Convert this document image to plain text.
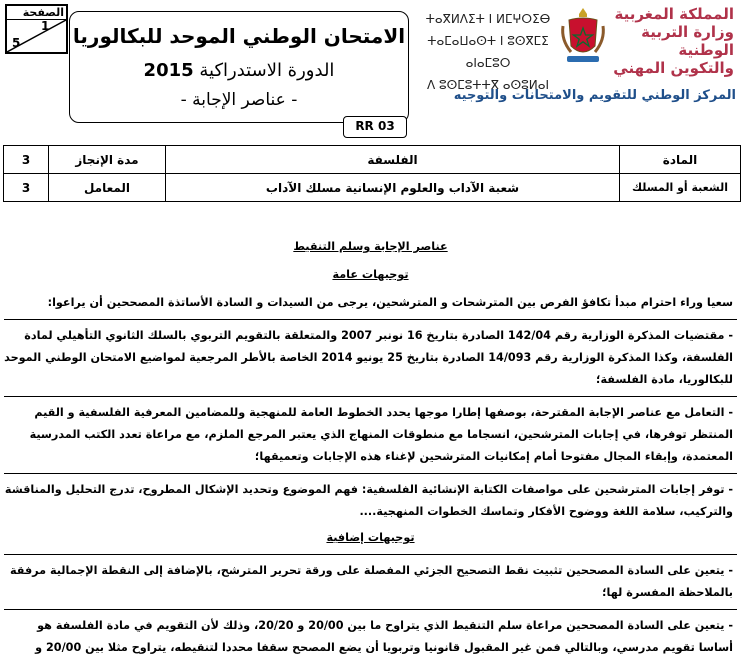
الصفحة
1
5	الامتحان الوطني الموحد للبكالوريا
الدورة الاستدراكية 2015
- عناصر الإجابة -
RR 03
ⵜⴰⴳⵍⴷⵉⵜ ⵏ ⵍⵎⵖⵔⵉⴱ
ⵜⴰⵎⴰⵡⴰⵙⵜ ⵏ ⵓⵙⴳⵎⵉ ⴰⵏⴰⵎⵓⵔ
ⴷ ⵓⵙⵎⵓⵜⵜⴳ ⴰⵙⵓⵍⴰⵏ
المملكة المغربية
وزارة التربية الوطنية
والتكوين المهني
المركز الوطني للتقويم والامتحانات والتوجيه
3	مدة الإنجاز	الفلسفة	المادة
3	المعامل	شعبة الآداب والعلوم الإنسانية مسلك الآداب	الشعبة أو المسلك

عناصر الإجابة وسلم التنقيط

توجيهات عامة

سعيا وراء احترام مبدأ تكافؤ الفرص بين المترشحات و المترشحين، يرجى من السيدات و السادة الأساتذة المصححين أن يراعوا:

- مقتضيات المذكرة الوزارية رقم 142/04 الصادرة بتاريخ 16 نونبر 2007 والمتعلقة بالتقويم التربوي بالسلك الثانوي التأهيلي لمادة الفلسفة، وكذا المذكرة الوزارية رقم 14/093 الصادرة بتاريخ 25 يونيو 2014 الخاصة بالأطر المرجعية لمواضيع الامتحان الوطني الموحد للبكالوريا، مادة الفلسفة؛

- التعامل مع عناصر الإجابة المقترحة، بوصفها إطارا موجها يحدد الخطوط العامة للمنهجية وللمضامين المعرفية الفلسفية و القيم المنتظر توفرها، في إجابات المترشحين، انسجاما مع منطوقات المنهاج الذي يعتبر المرجع الملزم، مع مراعاة تعدد الكتب المدرسية المعتمدة، وإبقاء المجال مفتوحا أمام إمكانيات المترشحين لإغناء هذه الإجابات وتعميقها؛

- توفر إجابات المترشحين على مواصفات الكتابة الإنشائية الفلسفية: فهم الموضوع وتحديد الإشكال المطروح، تدرج التحليل والمناقشة والتركيب، سلامة اللغة ووضوح الأفكار وتماسك الخطوات المنهجية....

توجيهات إضافية

- يتعين على السادة المصححين تثبيت نقط التصحيح الجزئي المفصلة على ورقة تحرير المترشح، بالإضافة إلى النقطة الإجمالية مرفقة بالملاحظة المفسرة لها؛

- يتعين على السادة المصححين مراعاة سلم التنقيط الذي يتراوح ما بين 20/00 و 20/20، وذلك لأن التقويم في مادة الفلسفة هو أساسا تقويم مدرسي، وبالتالي فمن غير المقبول قانونيا وتربويا أن يضع المصحح سقفا محددا لتنقيطه، يتراوح مثلا بين 20/00 و
